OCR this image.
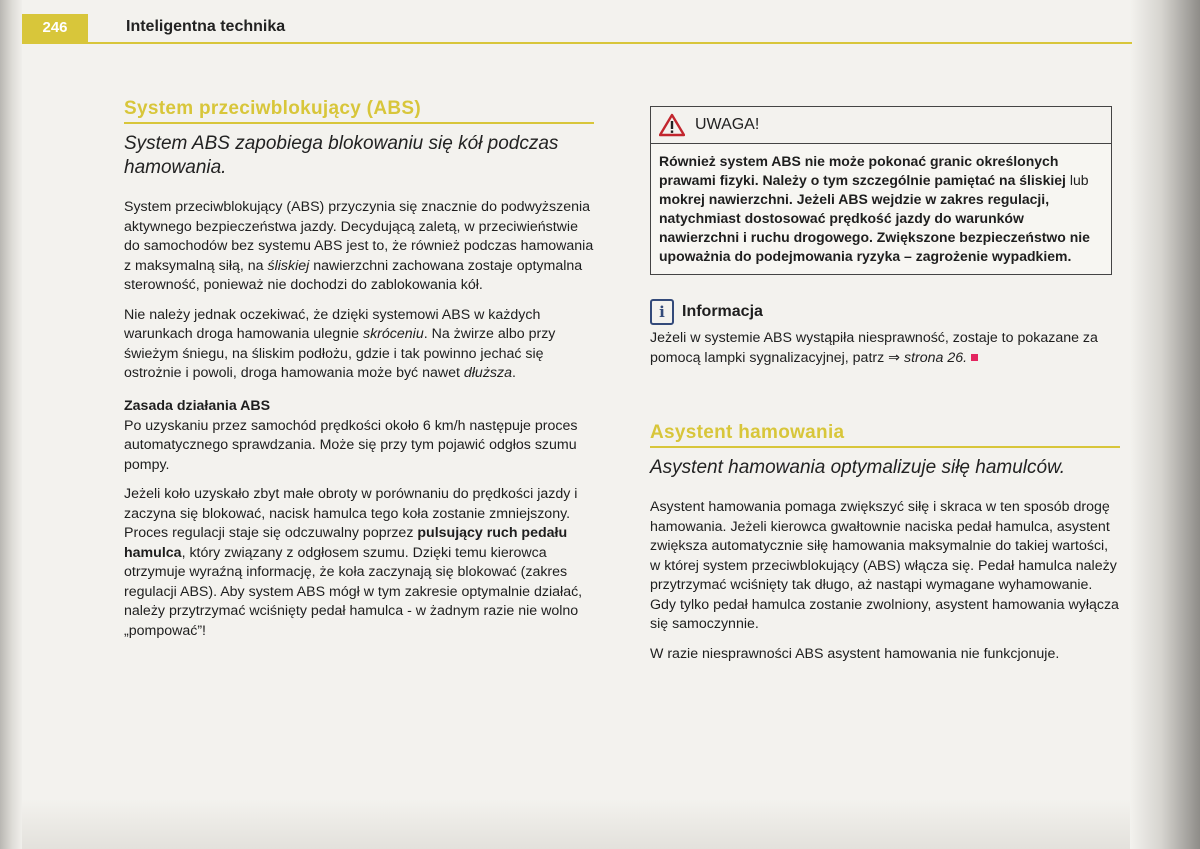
246	Inteligentna technika
System przeciwblokujący (ABS)
System ABS zapobiega blokowaniu się kół podczas hamowania.

System przeciwblokujący (ABS) przyczynia się znacznie do podwyższenia aktywnego bezpieczeństwa jazdy. Decydującą zaletą, w przeciwieństwie do samochodów bez systemu ABS jest to, że również podczas hamowania z maksymalną siłą, na śliskiej nawierzchni zachowana zostaje optymalna sterowność, ponieważ nie dochodzi do zablokowania kół.

Nie należy jednak oczekiwać, że dzięki systemowi ABS w każdych warunkach droga hamowania ulegnie skróceniu. Na żwirze albo przy świeżym śniegu, na śliskim podłożu, gdzie i tak powinno jechać się ostrożnie i powoli, droga hamowania może być nawet dłuższa.

Zasada działania ABS

Po uzyskaniu przez samochód prędkości około 6 km/h następuje proces automatycznego sprawdzania. Może się przy tym pojawić odgłos szumu pompy.

Jeżeli koło uzyskało zbyt małe obroty w porównaniu do prędkości jazdy i zaczyna się blokować, nacisk hamulca tego koła zostanie zmniejszony. Proces regulacji staje się odczuwalny poprzez pulsujący ruch pedału hamulca, który związany z odgłosem szumu. Dzięki temu kierowca otrzymuje wyraźną informację, że koła zaczynają się blokować (zakres regulacji ABS). Aby system ABS mógł w tym zakresie optymalnie działać, należy przytrzymać wciśnięty pedał hamulca - w żadnym razie nie wolno „pompować”!

UWAGA!
Również system ABS nie może pokonać granic określonych prawami fizyki. Należy o tym szczególnie pamiętać na śliskiej lub mokrej nawierzchni. Jeżeli ABS wejdzie w zakres regulacji, natychmiast dostosować prędkość jazdy do warunków nawierzchni i ruchu drogowego. Zwiększone bezpieczeństwo nie upoważnia do podejmowania ryzyka – zagrożenie wypadkiem.
i	Informacja

Jeżeli w systemie ABS wystąpiła niesprawność, zostaje to pokazane za pomocą lampki sygnalizacyjnej, patrz ⇒ strona 26.

Asystent hamowania
Asystent hamowania optymalizuje siłę hamulców.

Asystent hamowania pomaga zwiększyć siłę i skraca w ten sposób drogę hamowania. Jeżeli kierowca gwałtownie naciska pedał hamulca, asystent zwiększa automatycznie siłę hamowania maksymalnie do takiej wartości, w której system przeciwblokujący (ABS) włącza się. Pedał hamulca należy przytrzymać wciśnięty tak długo, aż nastąpi wymagane wyhamowanie. Gdy tylko pedał hamulca zostanie zwolniony, asystent hamowania wyłącza się samoczynnie.

W razie niesprawności ABS asystent hamowania nie funkcjonuje.
